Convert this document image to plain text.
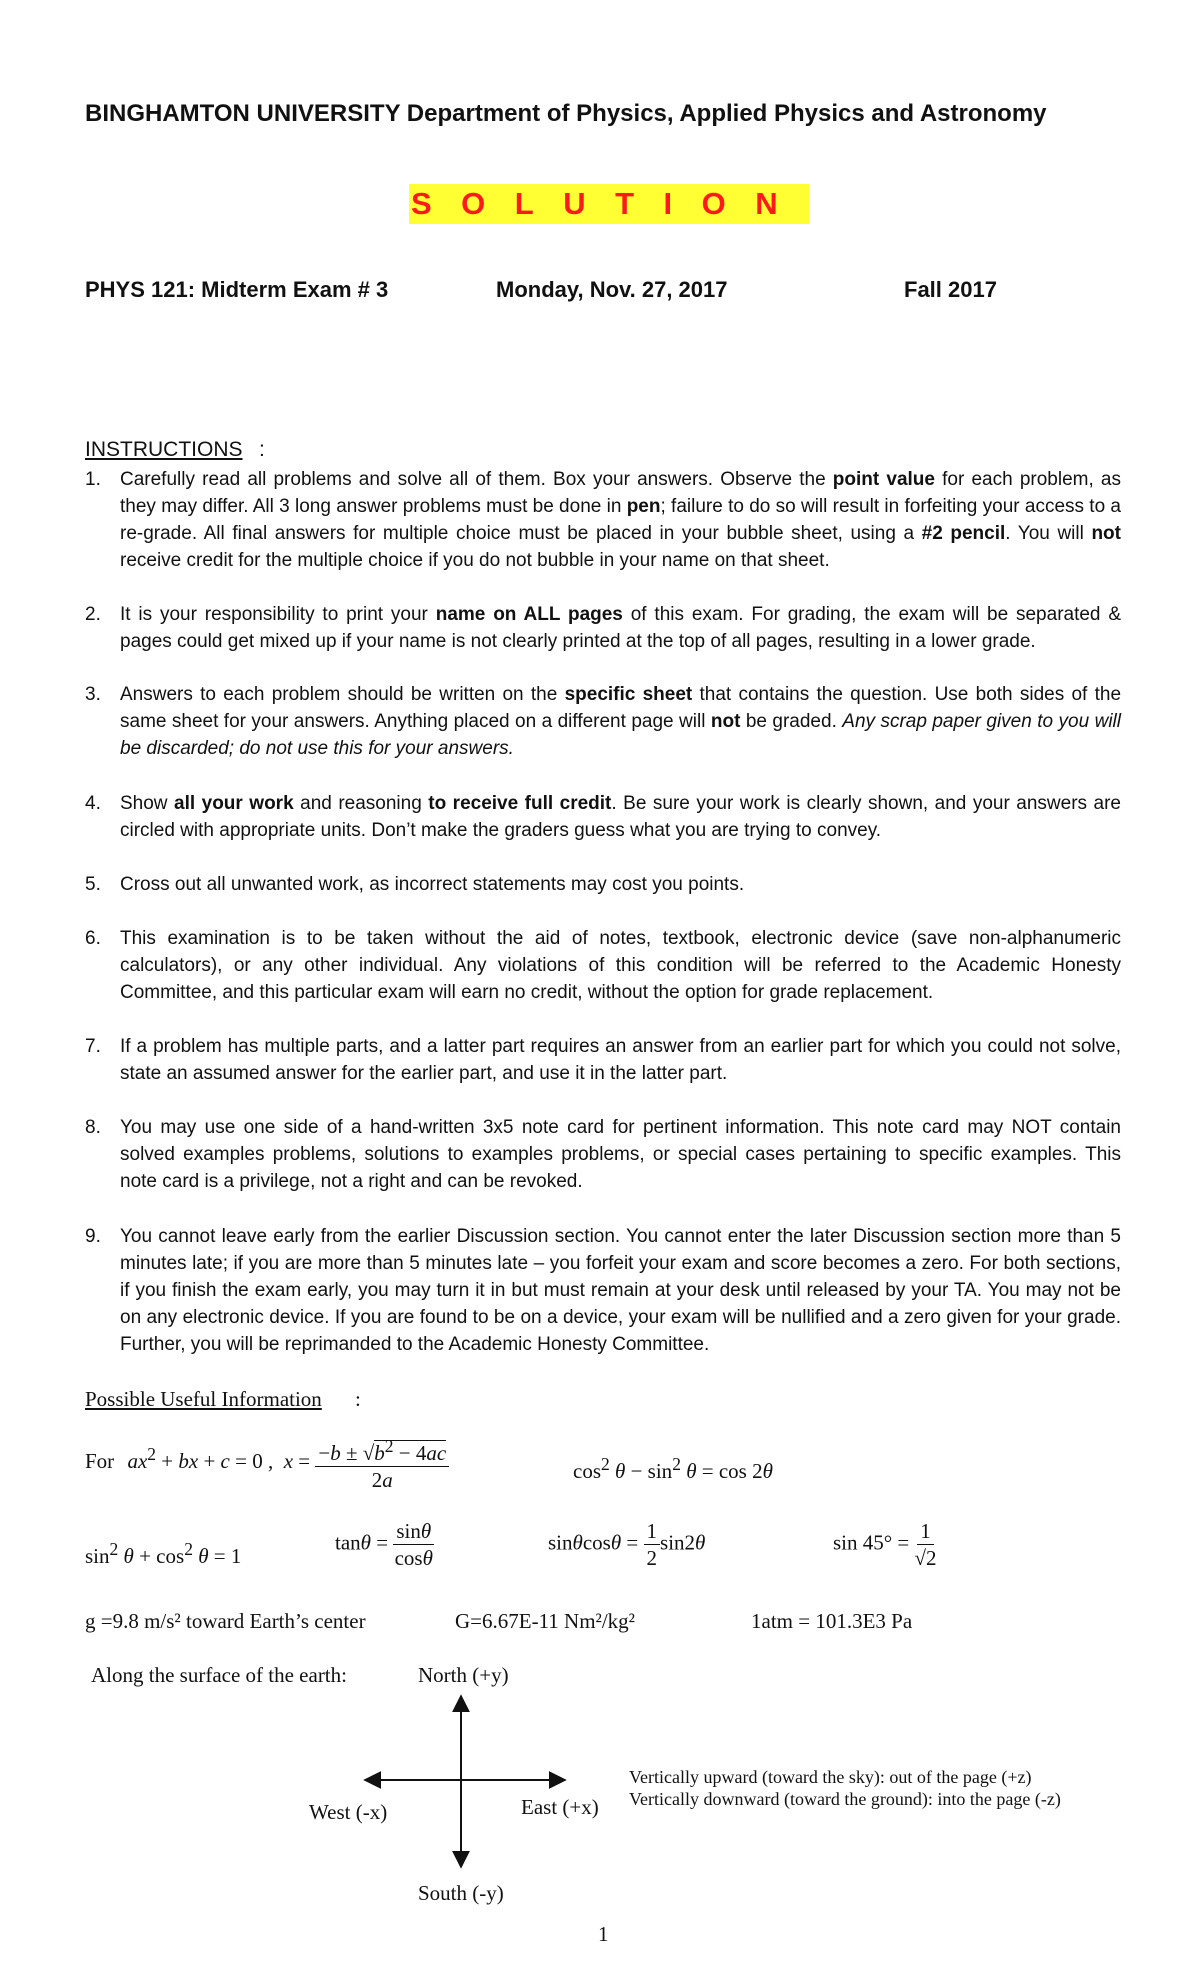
BINGHAMTON UNIVERSITY Department of Physics, Applied Physics and Astronomy
SOLUTION
PHYS 121: Midterm Exam # 3	Monday, Nov. 27, 2017	Fall 2017
INSTRUCTIONS :
1. Carefully read all problems and solve all of them. Box your answers. Observe the point value for each problem, as they may differ. All 3 long answer problems must be done in pen; failure to do so will result in forfeiting your access to a re-grade. All final answers for multiple choice must be placed in your bubble sheet, using a #2 pencil. You will not receive credit for the multiple choice if you do not bubble in your name on that sheet.
2. It is your responsibility to print your name on ALL pages of this exam. For grading, the exam will be separated & pages could get mixed up if your name is not clearly printed at the top of all pages, resulting in a lower grade.
3. Answers to each problem should be written on the specific sheet that contains the question. Use both sides of the same sheet for your answers. Anything placed on a different page will not be graded. Any scrap paper given to you will be discarded; do not use this for your answers.
4. Show all your work and reasoning to receive full credit. Be sure your work is clearly shown, and your answers are circled with appropriate units. Don’t make the graders guess what you are trying to convey.
5. Cross out all unwanted work, as incorrect statements may cost you points.
6. This examination is to be taken without the aid of notes, textbook, electronic device (save non-alphanumeric calculators), or any other individual. Any violations of this condition will be referred to the Academic Honesty Committee, and this particular exam will earn no credit, without the option for grade replacement.
7. If a problem has multiple parts, and a latter part requires an answer from an earlier part for which you could not solve, state an assumed answer for the earlier part, and use it in the latter part.
8. You may use one side of a hand-written 3x5 note card for pertinent information. This note card may NOT contain solved examples problems, solutions to examples problems, or special cases pertaining to specific examples. This note card is a privilege, not a right and can be revoked.
9. You cannot leave early from the earlier Discussion section. You cannot enter the later Discussion section more than 5 minutes late; if you are more than 5 minutes late – you forfeit your exam and score becomes a zero. For both sections, if you finish the exam early, you may turn it in but must remain at your desk until released by your TA. You may not be on any electronic device. If you are found to be on a device, your exam will be nullified and a zero given for your grade. Further, you will be reprimanded to the Academic Honesty Committee.
Possible Useful Information :
For $ax^2$ + bx + c = 0 ,  $x = \frac{-b \pm √b^2 - 4ac}{2a}$	$\cos^2 \theta - \sin^2 \theta = \cos 2\theta$
$\sin^2 \theta + \cos^2 \theta = 1$
$\tan\theta = \frac{\sin\theta}{\cos\theta}$	$\sin\theta\cos\theta = \frac{1}{2} \sin 2\theta$	$\sin 45^\circ = \frac{1}{√2}$
g =9.8 m/s² toward Earth’s center	G=6.67E-11 Nm²/kg²	1atm = 101.3E3 Pa
Along the surface of the earth:	North (+y)
West (-x)	East (+x)
South (-y)
Vertically upward (toward the sky): out of the page (+z)
Vertically downward (toward the ground): into the page (-z)
1
